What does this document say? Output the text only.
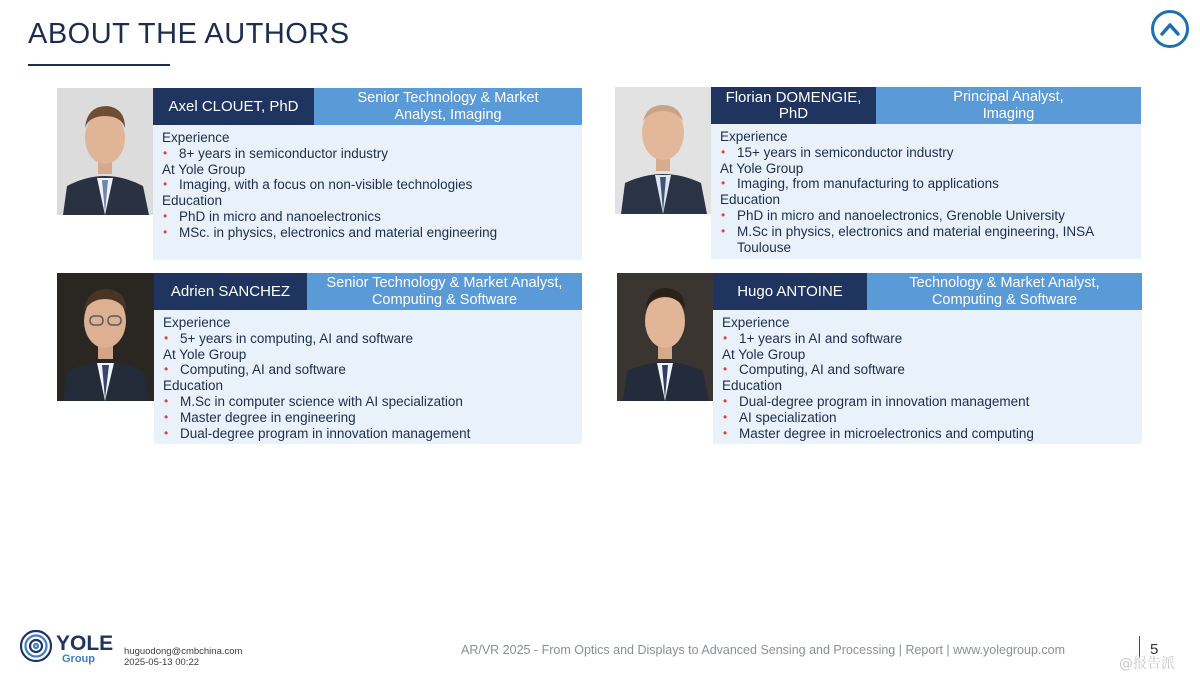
ABOUT THE AUTHORS
Axel CLOUET, PhD	Senior Technology & Market Analyst, Imaging
Experience
• 8+ years in semiconductor industry
At Yole Group
• Imaging, with a focus on non-visible technologies
Education
• PhD in micro and nanoelectronics
• MSc. in physics, electronics and material engineering
Florian DOMENGIE, PhD
Principal Analyst, Imaging
Experience
• 15+ years in semiconductor industry
At Yole Group
• Imaging, from manufacturing to applications
Education
• PhD in micro and nanoelectronics, Grenoble University
• M.Sc in physics, electronics and material engineering, INSA Toulouse
Adrien SANCHEZ	Senior Technology & Market Analyst, Computing & Software
Experience
• 5+ years in computing, AI and software
At Yole Group
• Computing, AI and software
Education
• M.Sc in computer science with AI specialization
• Master degree in engineering
• Dual-degree program in innovation management
Hugo ANTOINE	Technology & Market Analyst, Computing & Software
Experience
• 1+ years in AI and software
At Yole Group
• Computing, AI and software
Education
• Dual-degree program in innovation management
• AI specialization
• Master degree in microelectronics and computing
YOLE
Group
huguodong@cmbchina.com
2025-05-13 00:22
AR/VR 2025 - From Optics and Displays to Advanced Sensing and Processing | Report | www.yolegroup.com	5
@报告派
